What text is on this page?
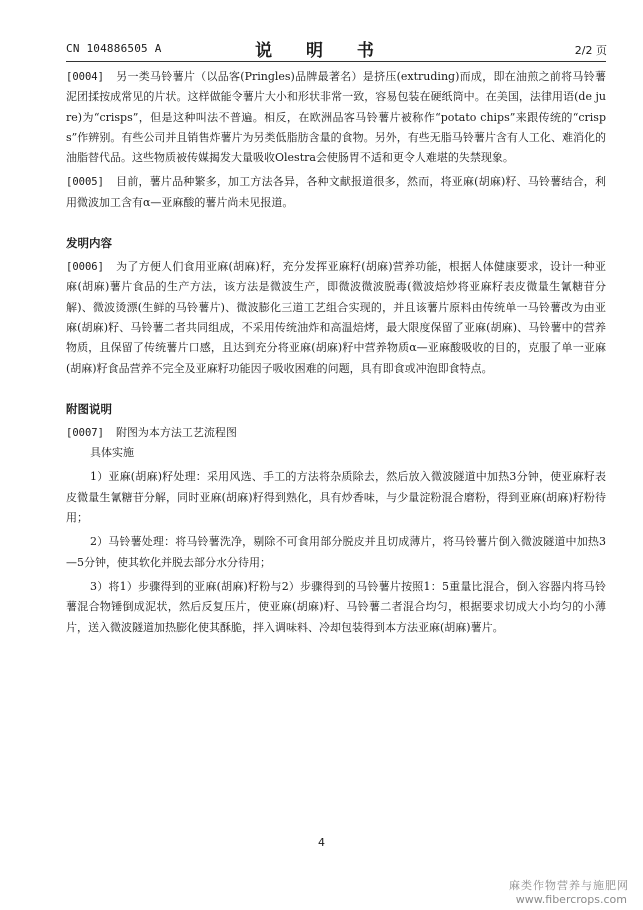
CN 104886505 A	说 明 书	2/2 页

[0004] 另一类马铃薯片（以品客(Pringles)品牌最著名）是挤压(extruding)而成，即在油煎之前将马铃薯泥团揉按成常见的片状。这样做能令薯片大小和形状非常一致，容易包装在硬纸筒中。在美国，法律用语(de jure)为“crisps”，但是这种叫法不普遍。相反，在欧洲品客马铃薯片被称作“potato chips”来跟传统的“crisps”作辨别。有些公司并且销售炸薯片为另类低脂肪含量的食物。另外，有些无脂马铃薯片含有人工化、难消化的油脂替代品。这些物质被传媒揭发大量吸收Olestra会使肠胃不适和更令人难堪的失禁现象。

[0005] 目前，薯片品种繁多，加工方法各异，各种文献报道很多，然而，将亚麻(胡麻)籽、马铃薯结合，利用微波加工含有α—亚麻酸的薯片尚未见报道。

发明内容

[0006] 为了方便人们食用亚麻(胡麻)籽，充分发挥亚麻籽(胡麻)营养功能，根据人体健康要求，设计一种亚麻(胡麻)薯片食品的生产方法，该方法是微波生产，即微波微波脱毒(微波焙炒将亚麻籽表皮微量生氰糖苷分解)、微波烫漂(生鲜的马铃薯片)、微波膨化三道工艺组合实现的，并且该薯片原料由传统单一马铃薯改为由亚麻(胡麻)籽、马铃薯二者共同组成，不采用传统油炸和高温焙烤，最大限度保留了亚麻(胡麻)、马铃薯中的营养物质，且保留了传统薯片口感，且达到充分将亚麻(胡麻)籽中营养物质α—亚麻酸吸收的目的，克服了单一亚麻(胡麻)籽食品营养不完全及亚麻籽功能因子吸收困难的问题，具有即食或冲泡即食特点。

附图说明

[0007] 附图为本方法工艺流程图

具体实施

1）亚麻(胡麻)籽处理：采用风选、手工的方法将杂质除去，然后放入微波隧道中加热3分钟，使亚麻籽表皮微量生氰糖苷分解，同时亚麻(胡麻)籽得到熟化，具有炒香味，与少量淀粉混合磨粉，得到亚麻(胡麻)籽粉待用；

2）马铃薯处理：将马铃薯洗净，剔除不可食用部分脱皮并且切成薄片，将马铃薯片倒入微波隧道中加热3—5分钟，使其软化并脱去部分水分待用；

3）将1）步骤得到的亚麻(胡麻)籽粉与2）步骤得到的马铃薯片按照1：5重量比混合，倒入容器内将马铃薯混合物锤倒成泥状，然后反复压片，使亚麻(胡麻)籽、马铃薯二者混合均匀，根据要求切成大小均匀的小薄片，送入微波隧道加热膨化使其酥脆，拌入调味料、冷却包装得到本方法亚麻(胡麻)薯片。

4
麻类作物营养与施肥网
www.fibercrops.com
